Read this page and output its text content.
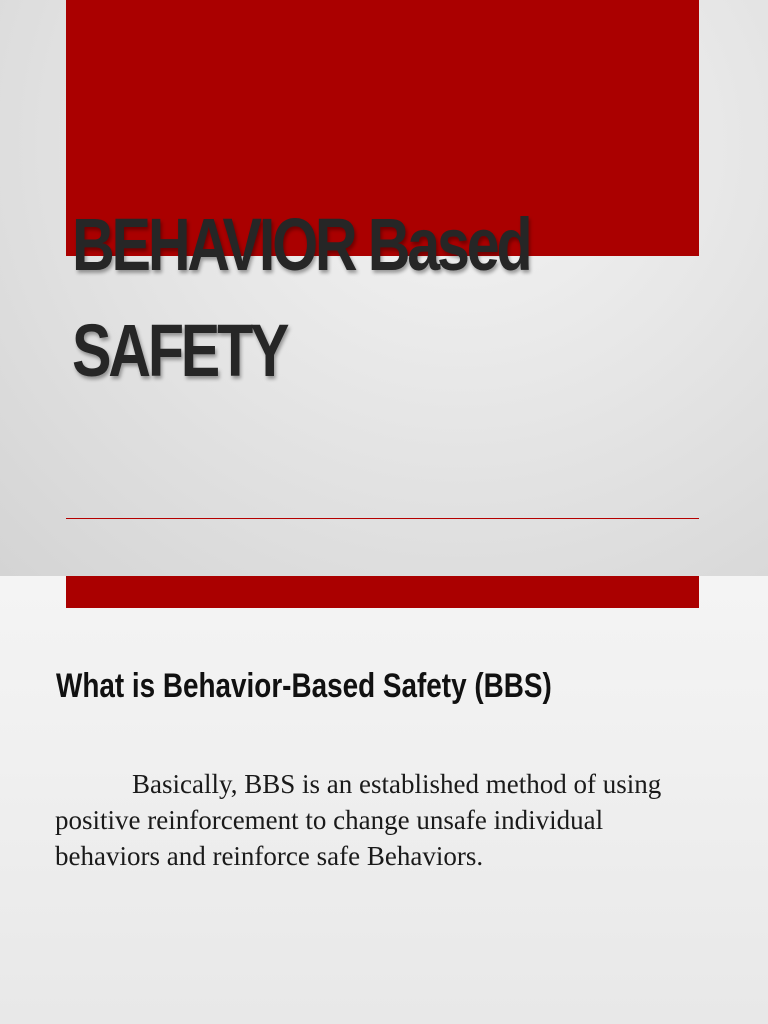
BEHAVIOR Based
SAFETY
What is Behavior-Based Safety (BBS)

Basically, BBS is an established method of using positive reinforcement to change unsafe individual behaviors and reinforce safe Behaviors.
